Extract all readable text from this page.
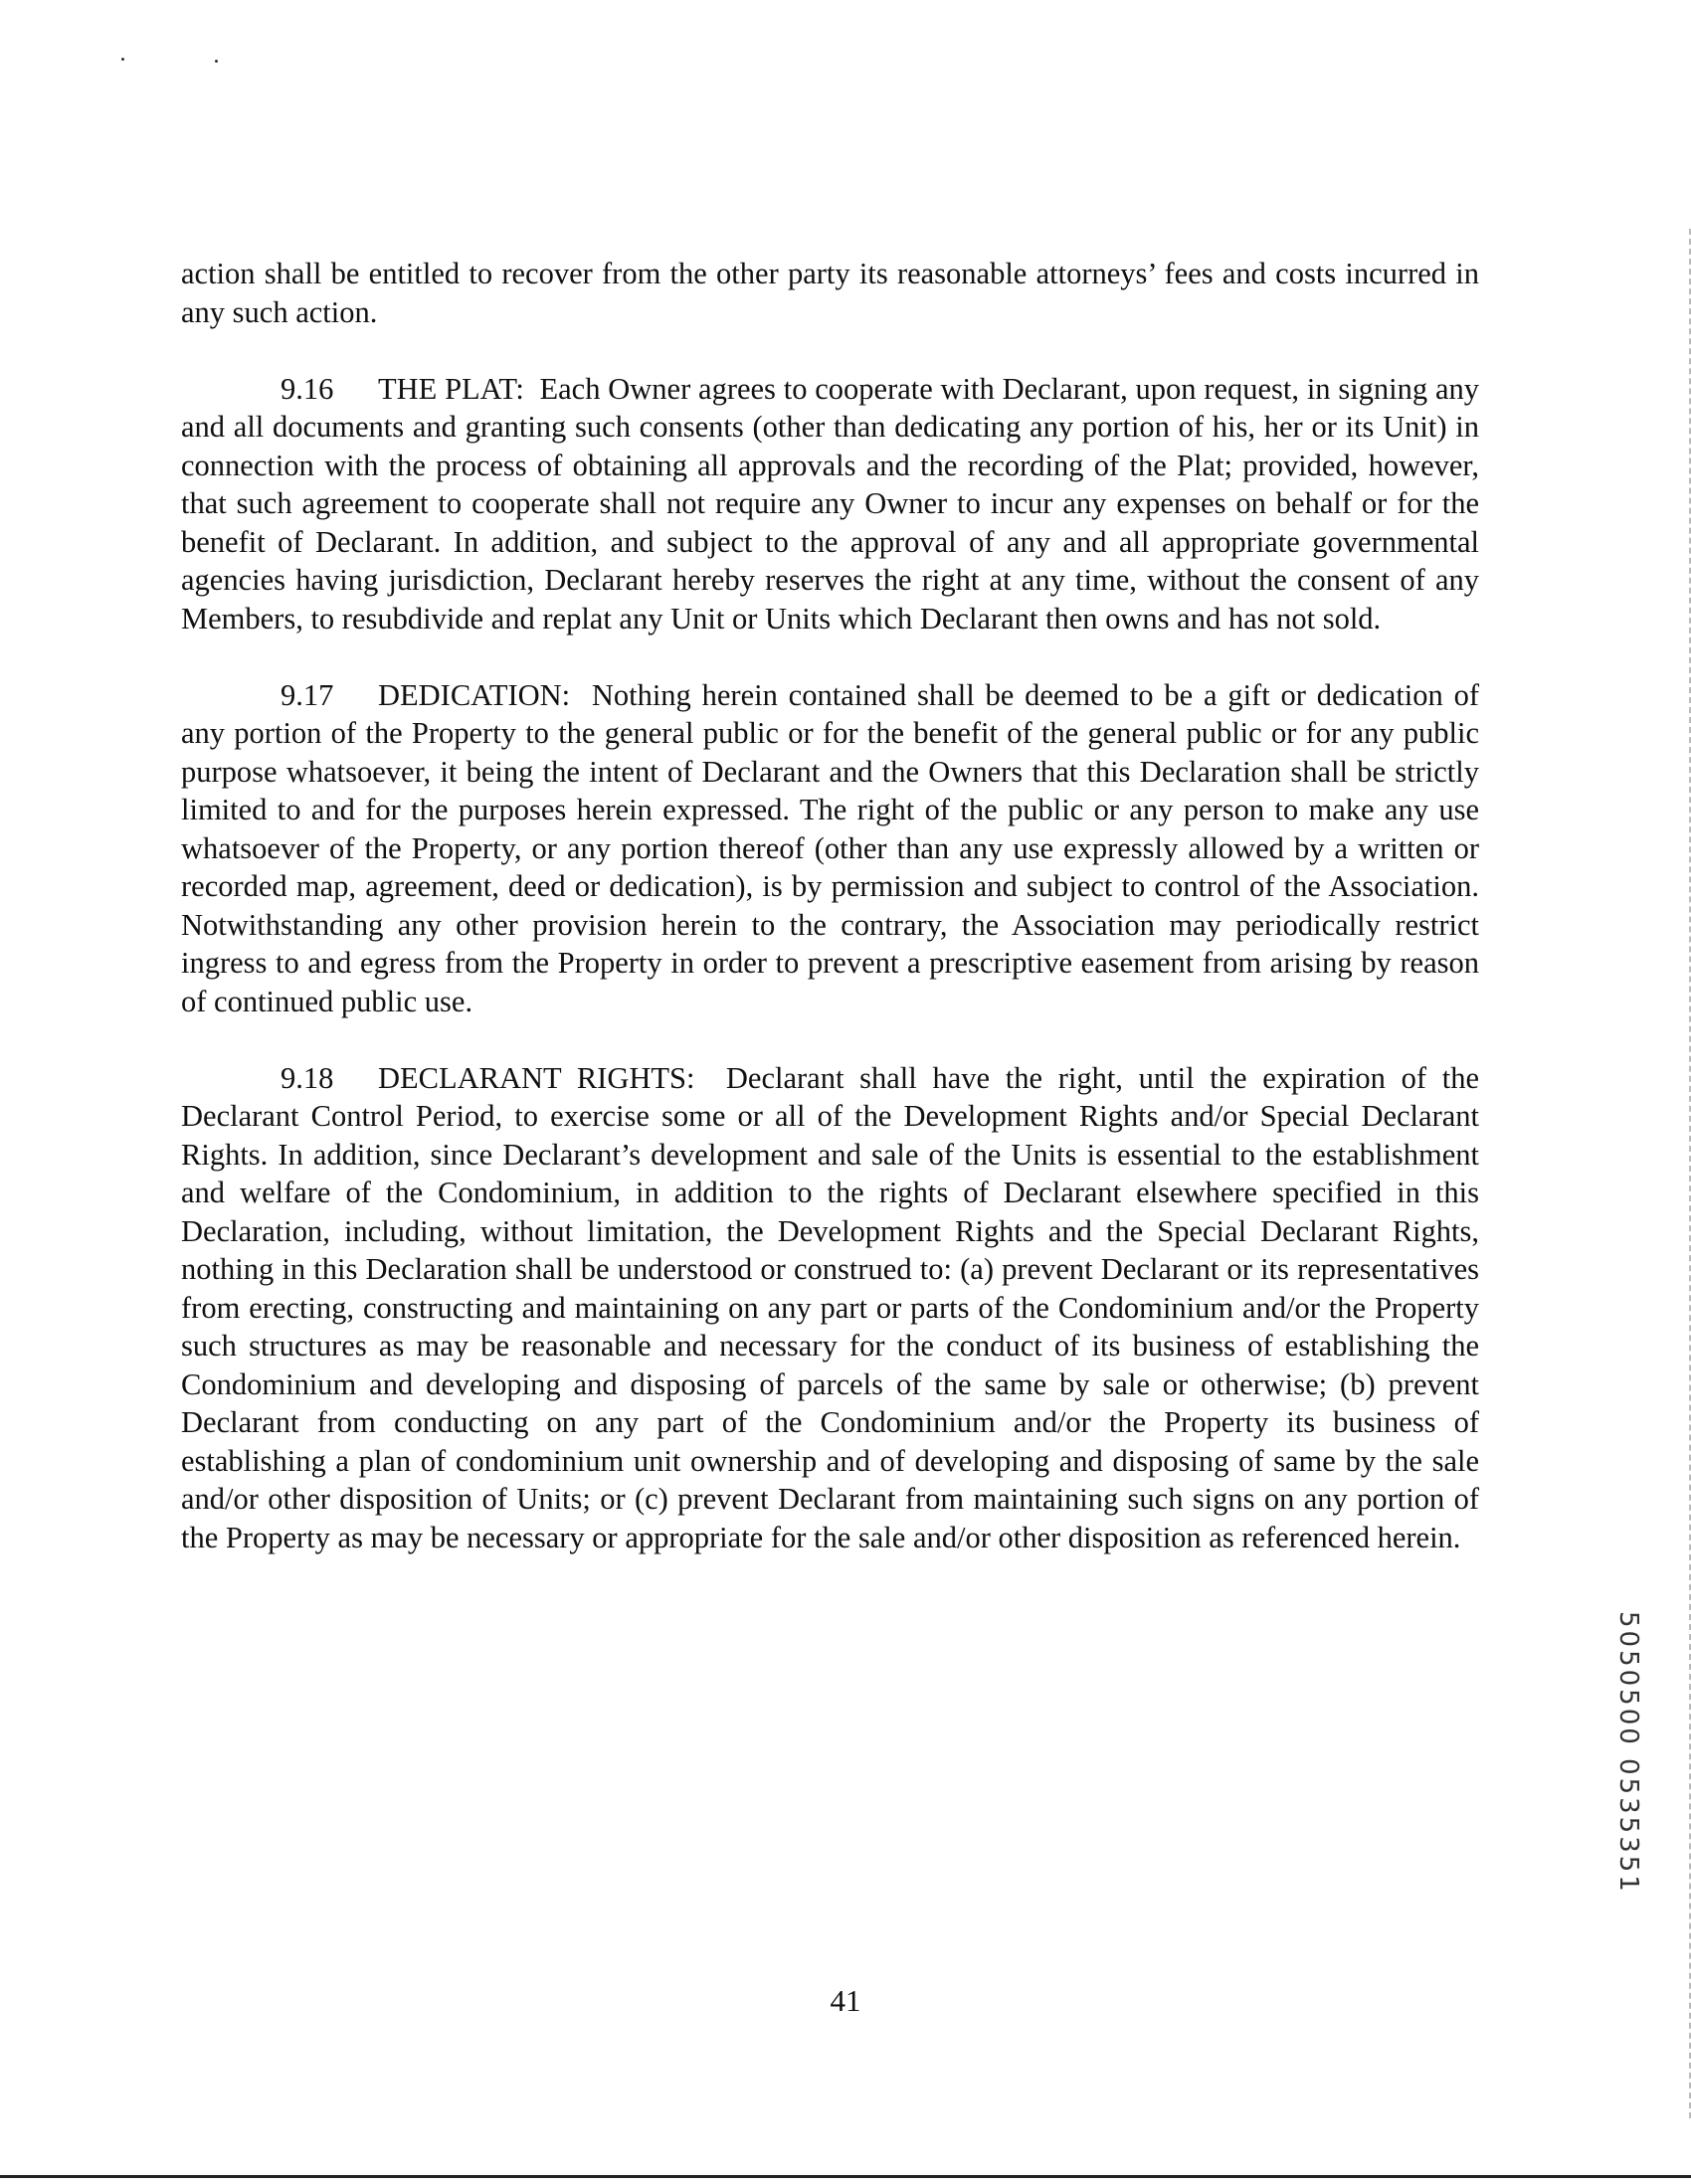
action shall be entitled to recover from the other party its reasonable attorneys’ fees and costs incurred in any such action.

9.16 THE PLAT: Each Owner agrees to cooperate with Declarant, upon request, in signing any and all documents and granting such consents (other than dedicating any portion of his, her or its Unit) in connection with the process of obtaining all approvals and the recording of the Plat; provided, however, that such agreement to cooperate shall not require any Owner to incur any expenses on behalf or for the benefit of Declarant. In addition, and subject to the approval of any and all appropriate governmental agencies having jurisdiction, Declarant hereby reserves the right at any time, without the consent of any Members, to resubdivide and replat any Unit or Units which Declarant then owns and has not sold.

9.17 DEDICATION: Nothing herein contained shall be deemed to be a gift or dedication of any portion of the Property to the general public or for the benefit of the general public or for any public purpose whatsoever, it being the intent of Declarant and the Owners that this Declaration shall be strictly limited to and for the purposes herein expressed. The right of the public or any person to make any use whatsoever of the Property, or any portion thereof (other than any use expressly allowed by a written or recorded map, agreement, deed or dedication), is by permission and subject to control of the Association. Notwithstanding any other provision herein to the contrary, the Association may periodically restrict ingress to and egress from the Property in order to prevent a prescriptive easement from arising by reason of continued public use.

9.18 DECLARANT RIGHTS: Declarant shall have the right, until the expiration of the Declarant Control Period, to exercise some or all of the Development Rights and/or Special Declarant Rights. In addition, since Declarant’s development and sale of the Units is essential to the establishment and welfare of the Condominium, in addition to the rights of Declarant elsewhere specified in this Declaration, including, without limitation, the Development Rights and the Special Declarant Rights, nothing in this Declaration shall be understood or construed to: (a) prevent Declarant or its representatives from erecting, constructing and maintaining on any part or parts of the Condominium and/or the Property such structures as may be reasonable and necessary for the conduct of its business of establishing the Condominium and developing and disposing of parcels of the same by sale or otherwise; (b) prevent Declarant from conducting on any part of the Condominium and/or the Property its business of establishing a plan of condominium unit ownership and of developing and disposing of same by the sale and/or other disposition of Units; or (c) prevent Declarant from maintaining such signs on any portion of the Property as may be necessary or appropriate for the sale and/or other disposition as referenced herein.

5050500 0535351
41
